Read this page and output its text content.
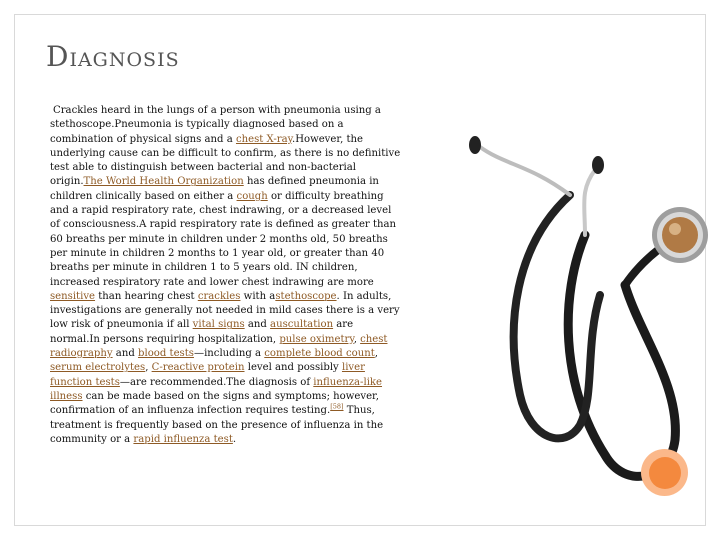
DIAGNOSIS

Crackles heard in the lungs of a person with pneumonia using a stethoscope.Pneumonia is typically diagnosed based on a combination of physical signs and a chest X-ray.However, the underlying cause can be difficult to confirm, as there is no definitive test able to distinguish between bacterial and non-bacterial origin.The World Health Organization has defined pneumonia in children clinically based on either a cough or difficulty breathing and a rapid respiratory rate, chest indrawing, or a decreased level of consciousness.A rapid respiratory rate is defined as greater than 60 breaths per minute in children under 2 months old, 50 breaths per minute in children 2 months to 1 year old, or greater than 40 breaths per minute in children 1 to 5 years old. IN children, increased respiratory rate and lower chest indrawing are more sensitive than hearing chest crackles with astethoscope. In adults, investigations are generally not needed in mild cases there is a very low risk of pneumonia if all vital signs and auscultation are normal.In persons requiring hospitalization, pulse oximetry, chest radiography and blood tests—including a complete blood count, serum electrolytes, C-reactive protein level and possibly liver function tests—are recommended.The diagnosis of influenza-like illness can be made based on the signs and symptoms; however, confirmation of an influenza infection requires testing.[58] Thus, treatment is frequently based on the presence of influenza in the community or a rapid influenza test.
